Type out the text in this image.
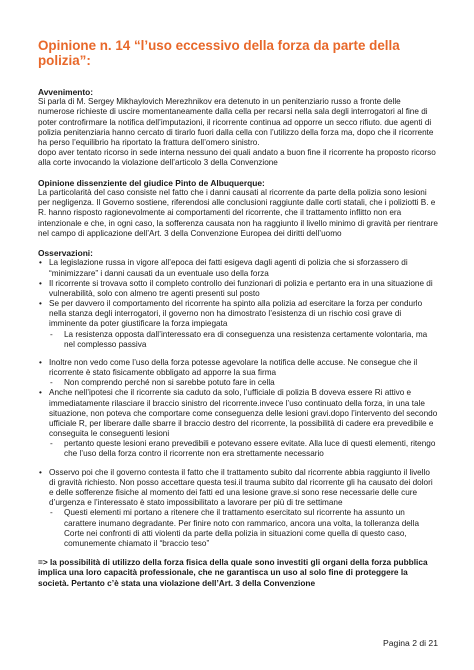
Opinione n. 14 “l’uso eccessivo della forza da parte della polizia”:

Avvenimento:

Si parla di M. Sergey Mikhaylovich Merezhnikov era detenuto in un penitenziario russo a fronte delle numerose richieste di uscire momentaneamente dalla cella per recarsi nella sala degli interrogatori al fine di poter controfirmare la notifica dell’imputazioni, il ricorrente continua ad opporre un secco rifiuto. due agenti di polizia penitenziaria hanno cercato di tirarlo fuori dalla cella con l’utilizzo della forza ma, dopo che il ricorrente ha perso l’equilibrio ha riportato la frattura dell’omero sinistro.

dopo aver tentato ricorso in sede interna nessuno dei quali andato a buon fine il ricorrente ha proposto ricorso alla corte invocando la violazione dell’articolo 3 della Convenzione

Opinione dissenziente del giudice Pinto de Albuquerque:

La particolarità del caso consiste nel fatto che i danni causati al ricorrente da parte della polizia sono lesioni per negligenza. Il Governo sostiene, riferendosi alle conclusioni raggiunte dalle corti statali, che i poliziotti B. e R. hanno risposto ragionevolmente ai comportamenti del ricorrente, che il trattamento inflitto non era intenzionale e che, in ogni caso, la sofferenza causata non ha raggiunto il livello minimo di gravità per rientrare nel campo di applicazione dell’Art. 3 della Convenzione Europea dei diritti dell’uomo

Osservazioni:

• La legislazione russa in vigore all’epoca dei fatti esigeva dagli agenti di polizia che si sforzassero di “minimizzare” i danni causati da un eventuale uso della forza
• Il ricorrente si trovava sotto il completo controllo dei funzionari di polizia e pertanto era in una situazione di vulnerabilità, solo con almeno tre agenti presenti sul posto
• Se per davvero il comportamento del ricorrente ha spinto alla polizia ad esercitare la forza per condurlo nella stanza degli interrogatori, il governo non ha dimostrato l’esistenza di un rischio così grave di imminente da poter giustificare la forza impiegata
- La resistenza opposta dall’interessato era di conseguenza una resistenza certamente volontaria, ma nel complesso passiva
• Inoltre non vedo come l’uso della forza potesse agevolare la notifica delle accuse. Ne consegue che il ricorrente è stato fisicamente obbligato ad apporre la sua firma
- Non comprendo perché non si sarebbe potuto fare in cella
• Anche nell’ipotesi che il ricorrente sia caduto da solo, l’ufficiale di polizia B doveva essere Ri attivo e immediatamente rilasciare il braccio sinistro del ricorrente.invece l’uso continuato della forza, in una tale situazione, non poteva che comportare come conseguenza delle lesioni gravi.dopo l’intervento del secondo ufficiale R, per liberare dalle sbarre il braccio destro del ricorrente, la possibilità di cadere era prevedibile e conseguita le conseguenti lesioni
- pertanto queste lesioni erano prevedibili e potevano essere evitate. Alla luce di questi elementi, ritengo che l’uso della forza contro il ricorrente non era strettamente necessario
• Osservo poi che il governo contesta il fatto che il trattamento subito dal ricorrente abbia raggiunto il livello di gravità richiesto. Non posso accettare questa tesi.il trauma subito dal ricorrente gli ha causato dei dolori e delle sofferenze fisiche al momento dei fatti ed una lesione grave.si sono rese necessarie delle cure d’urgenza e l’interessato è stato impossibilitato a lavorare per più di tre settimane
- Questi elementi mi portano a ritenere che il trattamento esercitato sul ricorrente ha assunto un carattere inumano degradante. Per finire noto con rammarico, ancora una volta, la tolleranza della Corte nei confronti di atti violenti da parte della polizia in situazioni come quella di questo caso, comunemente chiamato il “braccio teso”

=> la possibilità di utilizzo della forza fisica della quale sono investiti gli organi della forza pubblica implica una loro capacità professionale, che ne garantisca un uso al solo fine di proteggere la società. Pertanto c’è stata una violazione dell’Art. 3 della Convenzione

Pagina 2 di 21
